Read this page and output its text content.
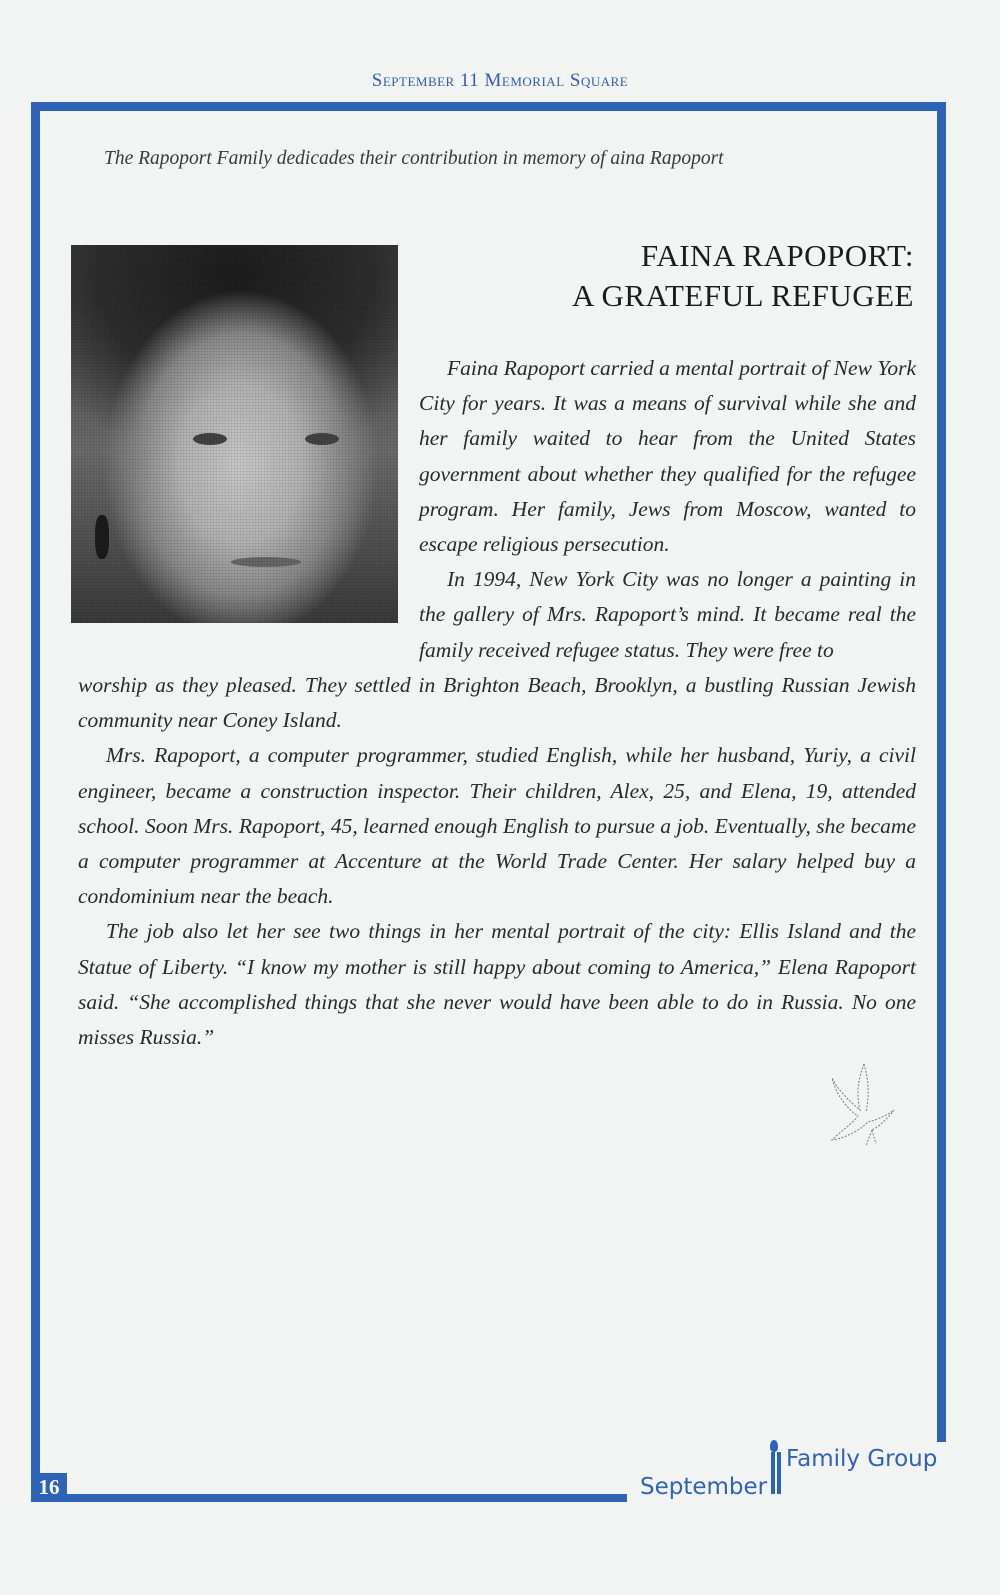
September 11 Memorial Square
The Rapoport Family dedicades their contribution in memory of aina Rapoport
FAINA RAPOPORT:
A GRATEFUL REFUGEE

Faina Rapoport carried a mental portrait of New York City for years. It was a means of survival while she and her family waited to hear from the United States government about whether they qualified for the refugee program. Her family, Jews from Moscow, wanted to escape religious persecution.

In 1994, New York City was no longer a painting in the gallery of Mrs. Rapoport’s mind. It became real the family received refugee status. They were free to

worship as they pleased. They settled in Brighton Beach, Brooklyn, a bustling Russian Jewish community near Coney Island.

Mrs. Rapoport, a computer programmer, studied English, while her husband, Yuriy, a civil engineer, became a construction inspector. Their children, Alex, 25, and Elena, 19, attended school. Soon Mrs. Rapoport, 45, learned enough English to pursue a job. Eventually, she became a computer programmer at Accenture at the World Trade Center. Her salary helped buy a condominium near the beach.

The job also let her see two things in her mental portrait of the city: Ellis Island and the Statue of Liberty. “I know my mother is still happy about coming to America,” Elena Rapoport said. “She accomplished things that she never would have been able to do in Russia. No one misses Russia.”

16	September
Family Group
